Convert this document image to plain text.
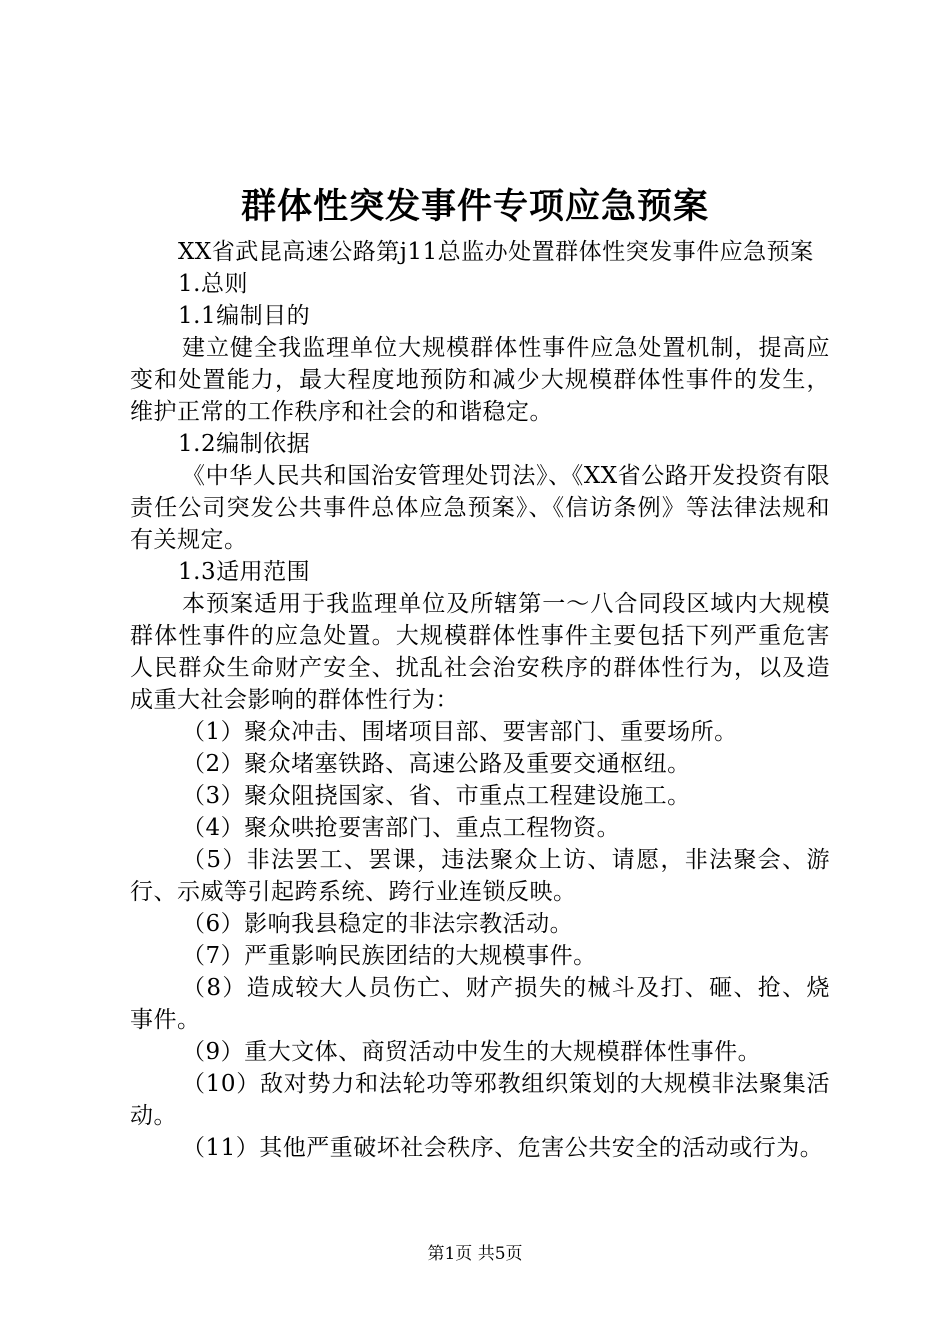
群体性突发事件专项应急预案

XX省武昆高速公路第j11总监办处置群体性突发事件应急预案

1.总则

1.1编制目的

建立健全我监理单位大规模群体性事件应急处置机制，提高应变和处置能力，最大程度地预防和减少大规模群体性事件的发生，维护正常的工作秩序和社会的和谐稳定。

1.2编制依据

《中华人民共和国治安管理处罚法》、《XX省公路开发投资有限责任公司突发公共事件总体应急预案》、《信访条例》等法律法规和有关规定。

1.3适用范围

本预案适用于我监理单位及所辖第一～八合同段区域内大规模群体性事件的应急处置。大规模群体性事件主要包括下列严重危害人民群众生命财产安全、扰乱社会治安秩序的群体性行为，以及造成重大社会影响的群体性行为：

（1）聚众冲击、围堵项目部、要害部门、重要场所。

（2）聚众堵塞铁路、高速公路及重要交通枢纽。

（3）聚众阻挠国家、省、市重点工程建设施工。

（4）聚众哄抢要害部门、重点工程物资。

（5）非法罢工、罢课，违法聚众上访、请愿，非法聚会、游行、示威等引起跨系统、跨行业连锁反映。

（6）影响我县稳定的非法宗教活动。

（7）严重影响民族团结的大规模事件。

（8）造成较大人员伤亡、财产损失的械斗及打、砸、抢、烧事件。

（9）重大文体、商贸活动中发生的大规模群体性事件。

（10）敌对势力和法轮功等邪教组织策划的大规模非法聚集活动。

（11）其他严重破坏社会秩序、危害公共安全的活动或行为。

第1页 共5页
